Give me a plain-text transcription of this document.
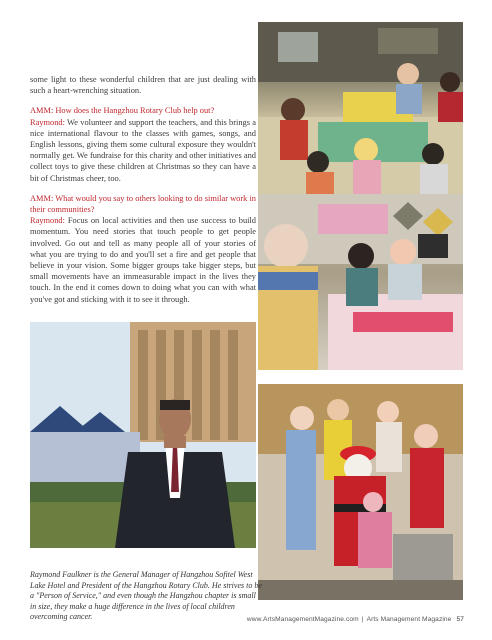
some light to these wonderful children that are just dealing with such a heart-wrenching situation.

AMM: How does the Hangzhou Rotary Club help out?
Raymond: We volunteer and support the teachers, and this brings a nice international flavour to the classes with games, songs, and English lessons, giving them some cultural exposure they wouldn't normally get. We fundraise for this charity and other initiatives and collect toys to give these children at Christmas so they can have a bit of Christmas cheer, too.

AMM: What would you say to others looking to do similar work in their communities?
Raymond: Focus on local activities and then use success to build momentum. You need stories that touch people to get people involved. Go out and tell as many people all of your stories of what you are trying to do and you'll set a fire and get people that believe in your vision. Some bigger groups take bigger steps, but small movements have an immeasurable impact in the lives they touch. In the end it comes down to doing what you can with what you've got and sticking with it to see it through.

Raymond Faulkner is the General Manager of Hangzhou Sofitel West Lake Hotel and President of the Hangzhou Rotary Club. He strives to be a "Person of Service," and even though the Hangzhou chapter is small in size, they make a huge difference in the lives of local children overcoming cancer.	www.ArtsManagementMagazine.com | Arts Management Magazine 57
